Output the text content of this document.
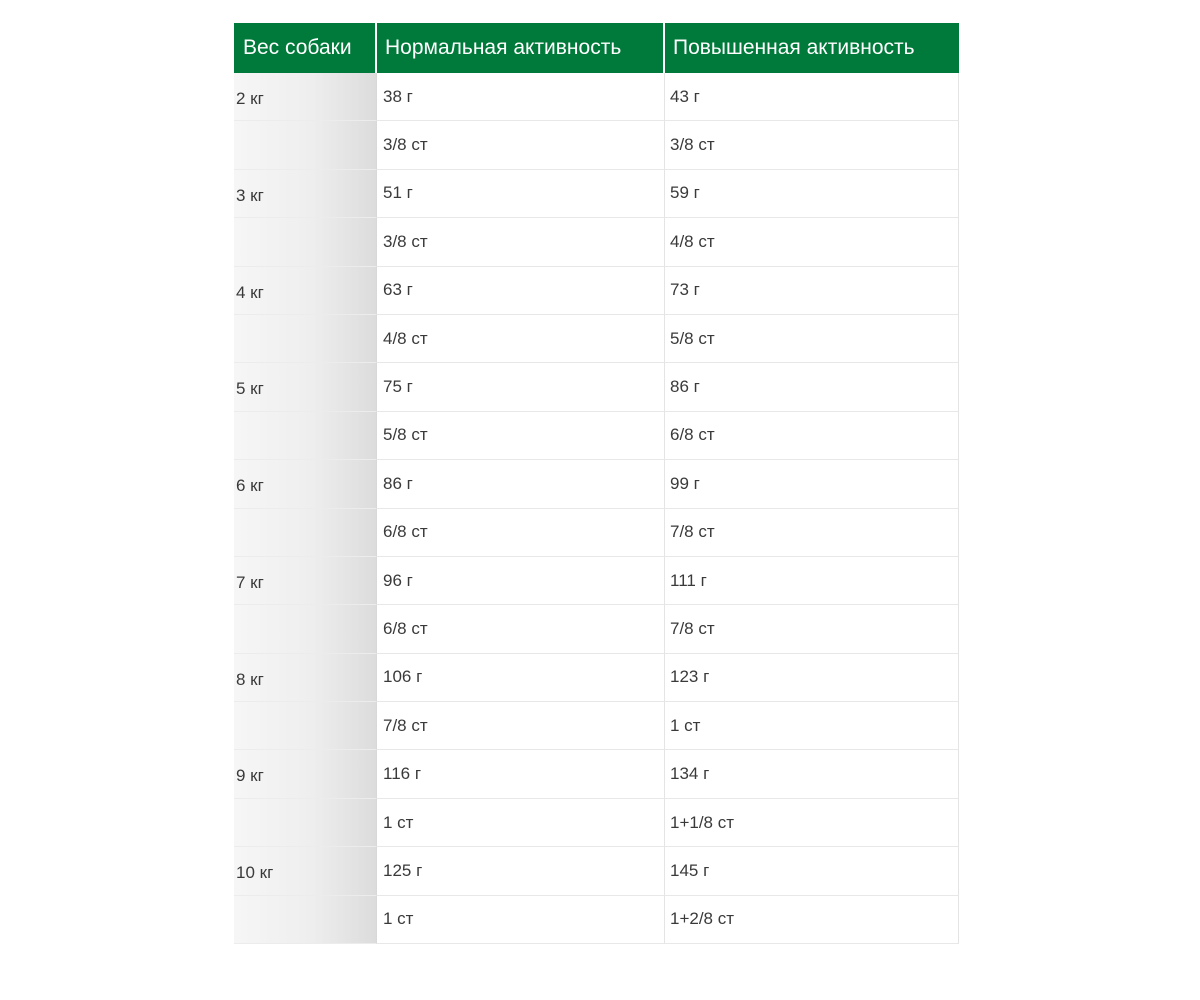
Вес собаки	Нормальная активность	Повышенная активность
2 кг	38 г	43 г
	3/8 ст	3/8 ст
3 кг	51 г	59 г
	3/8 ст	4/8 ст
4 кг	63 г	73 г
	4/8 ст	5/8 ст
5 кг	75 г	86 г
	5/8 ст	6/8 ст
6 кг	86 г	99 г
	6/8 ст	7/8 ст
7 кг	96 г	111 г
	6/8 ст	7/8 ст
8 кг	106 г	123 г
	7/8 ст	1 ст
9 кг	116 г	134 г
	1 ст	1+1/8 ст
10 кг	125 г	145 г
	1 ст	1+2/8 ст
